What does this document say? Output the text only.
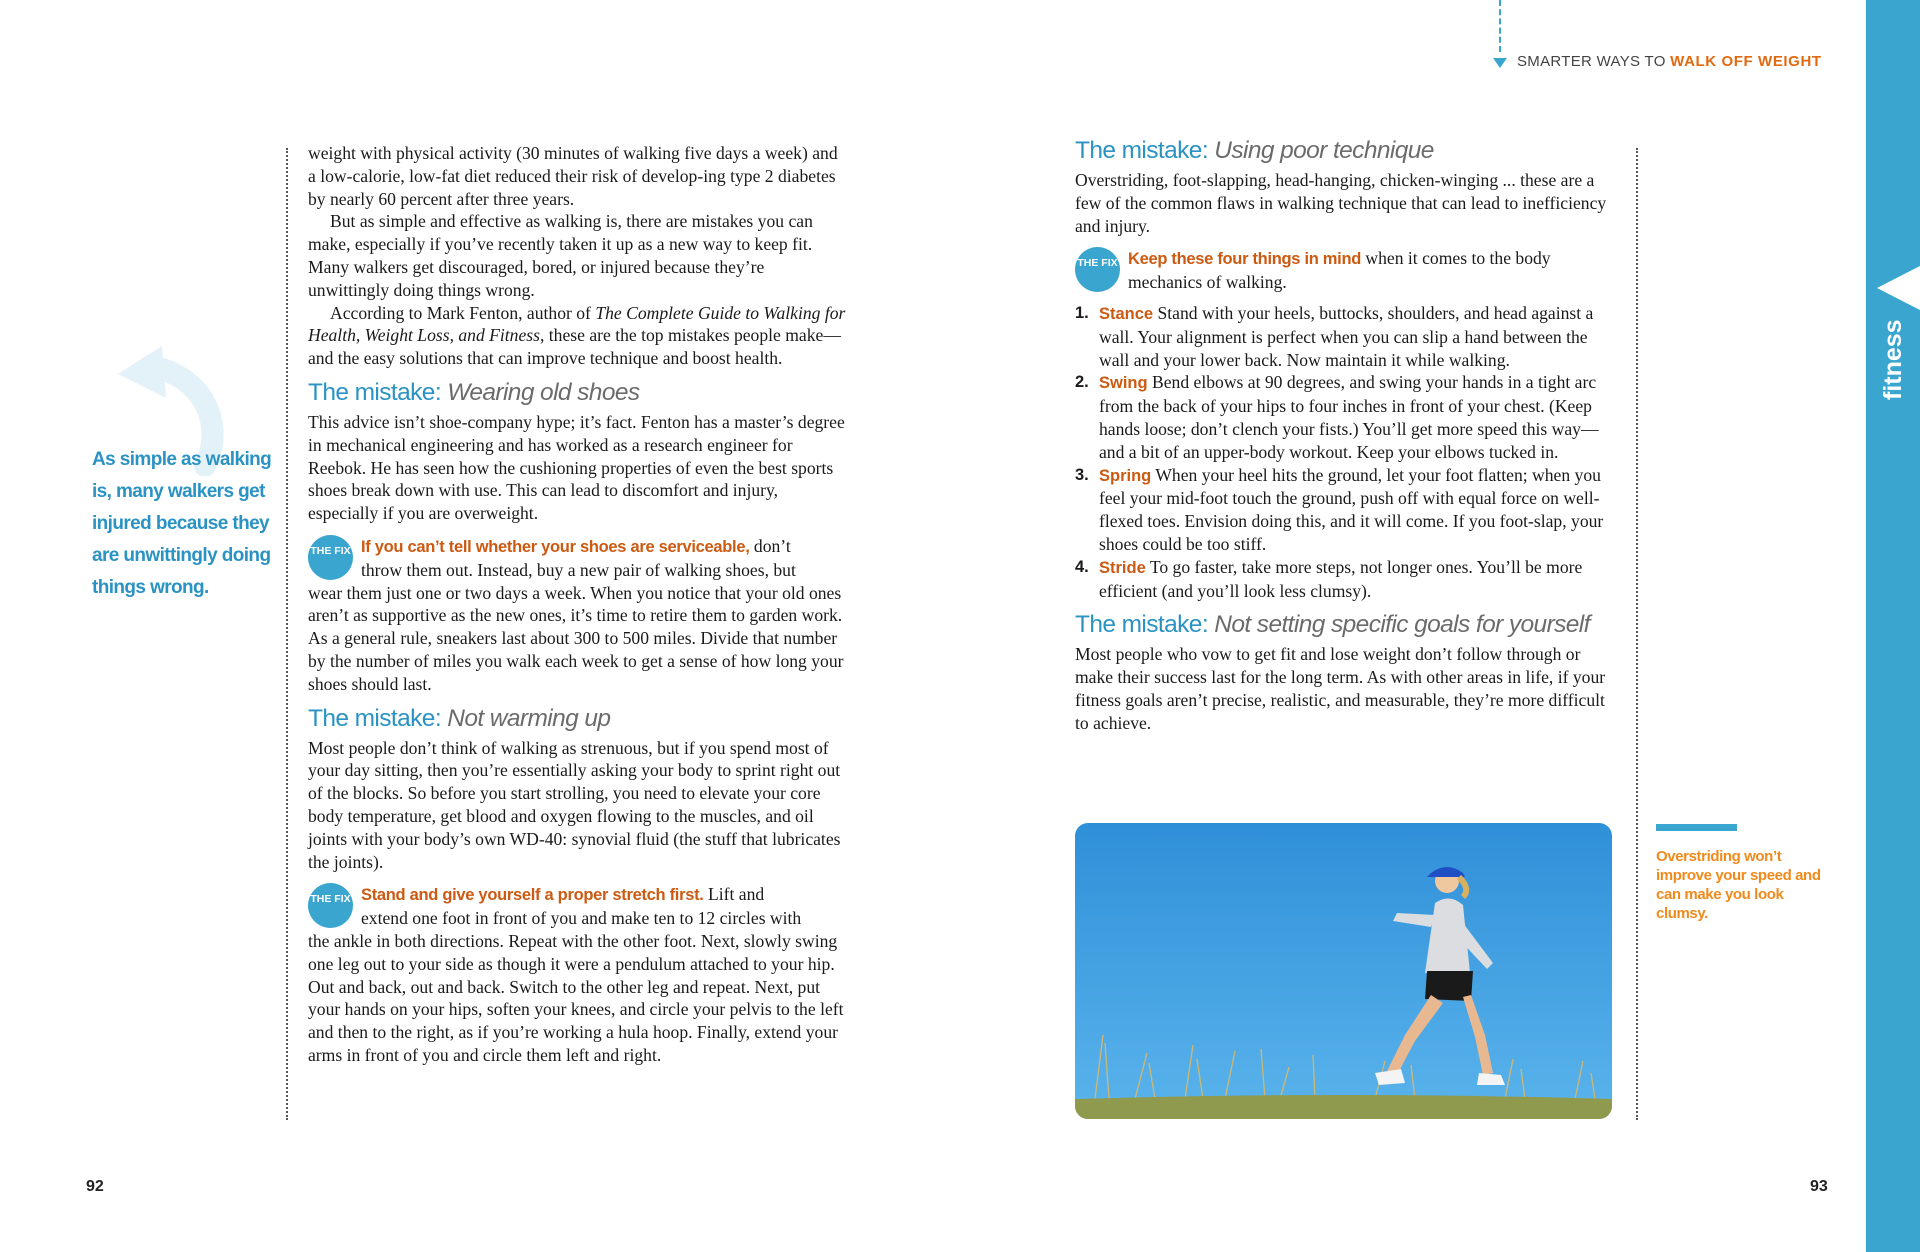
SMARTER WAYS TO WALK OFF WEIGHT
fitness
As simple as walking is, many walkers get injured because they are unwittingly doing things wrong.

weight with physical activity (30 minutes of walking five days a week) and a low-calorie, low-fat diet reduced their risk of develop-ing type 2 diabetes by nearly 60 percent after three years.

But as simple and effective as walking is, there are mistakes you can make, especially if you’ve recently taken it up as a new way to keep fit. Many walkers get discouraged, bored, or injured because they’re unwittingly doing things wrong.

According to Mark Fenton, author of The Complete Guide to Walking for Health, Weight Loss, and Fitness, these are the top mistakes people make—and the easy solutions that can improve technique and boost health.

The mistake: Wearing old shoes

This advice isn’t shoe-company hype; it’s fact. Fenton has a master’s degree in mechanical engineering and has worked as a research engineer for Reebok. He has seen how the cushioning properties of even the best sports shoes break down with use. This can lead to discomfort and injury, especially if you are overweight.

THE FIX If you can’t tell whether your shoes are serviceable, don’t
throw them out. Instead, buy a new pair of walking shoes, but

wear them just one or two days a week. When you notice that your old ones aren’t as supportive as the new ones, it’s time to retire them to garden work. As a general rule, sneakers last about 300 to 500 miles. Divide that number by the number of miles you walk each week to get a sense of how long your shoes should last.

The mistake: Not warming up

Most people don’t think of walking as strenuous, but if you spend most of your day sitting, then you’re essentially asking your body to sprint right out of the blocks. So before you start strolling, you need to elevate your core body temperature, get blood and oxygen flowing to the muscles, and oil joints with your body’s own WD-40: synovial fluid (the stuff that lubricates the joints).

THE FIX Stand and give yourself a proper stretch first. Lift and
extend one foot in front of you and make ten to 12 circles with

the ankle in both directions. Repeat with the other foot. Next, slowly swing one leg out to your side as though it were a pendulum attached to your hip. Out and back, out and back. Switch to the other leg and repeat. Next, put your hands on your hips, soften your knees, and circle your pelvis to the left and then to the right, as if you’re working a hula hoop. Finally, extend your arms in front of you and circle them left and right.

The mistake: Using poor technique

Overstriding, foot-slapping, head-hanging, chicken-winging ... these are a few of the common flaws in walking technique that can lead to inefficiency and injury.

THE FIX Keep these four things in mind when it comes to the body mechanics of walking.
1. Stance Stand with your heels, buttocks, shoulders, and head against a wall. Your alignment is perfect when you can slip a hand between the wall and your lower back. Now maintain it while walking.
2. Swing Bend elbows at 90 degrees, and swing your hands in a tight arc from the back of your hips to four inches in front of your chest. (Keep hands loose; don’t clench your fists.) You’ll get more speed this way—and a bit of an upper-body workout. Keep your elbows tucked in.
3. Spring When your heel hits the ground, let your foot flatten; when you feel your mid-foot touch the ground, push off with equal force on well-flexed toes. Envision doing this, and it will come. If you foot-slap, your shoes could be too stiff.
4. Stride To go faster, take more steps, not longer ones. You’ll be more efficient (and you’ll look less clumsy).
The mistake: Not setting specific goals for yourself

Most people who vow to get fit and lose weight don’t follow through or make their success last for the long term. As with other areas in life, if your fitness goals aren’t precise, realistic, and measurable, they’re more difficult to achieve.

Overstriding won’t improve your speed and can make you look clumsy.
92	93
